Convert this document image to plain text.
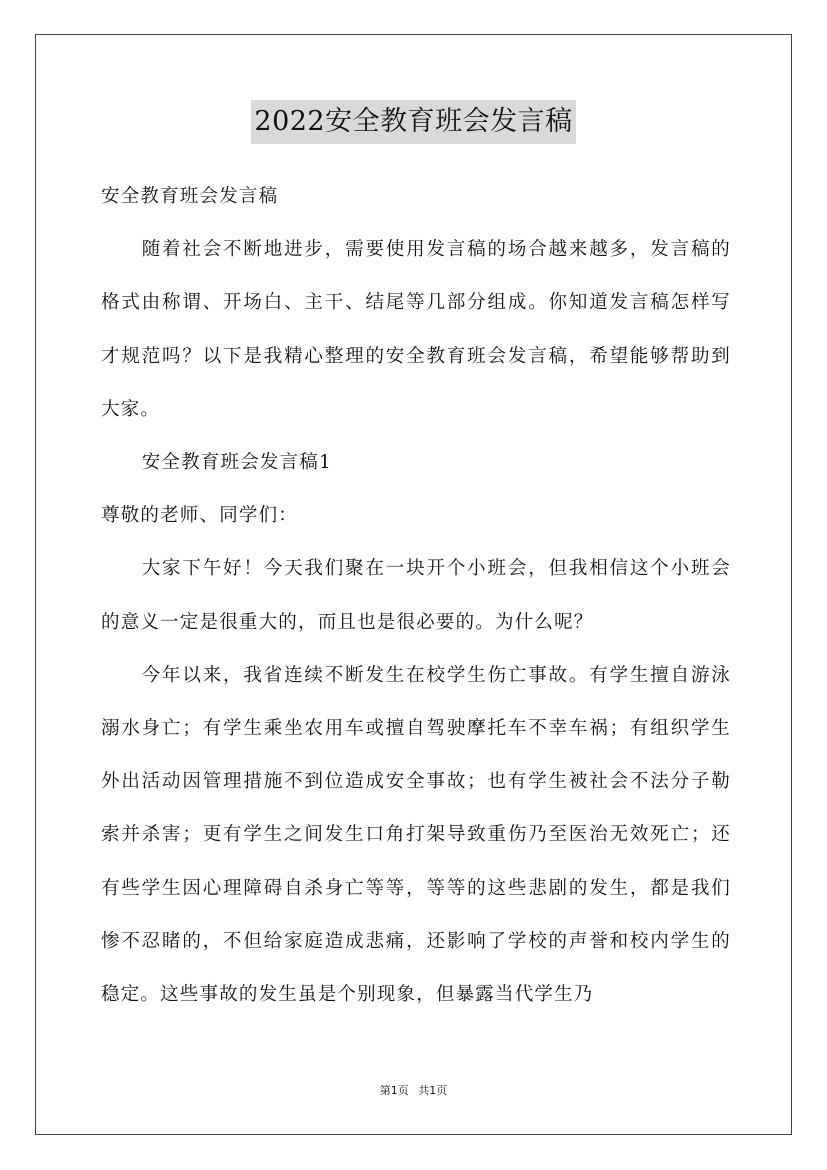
2022安全教育班会发言稿

安全教育班会发言稿

随着社会不断地进步，需要使用发言稿的场合越来越多，发言稿的格式由称谓、开场白、主干、结尾等几部分组成。你知道发言稿怎样写才规范吗？以下是我精心整理的安全教育班会发言稿，希望能够帮助到大家。

安全教育班会发言稿1

尊敬的老师、同学们：

大家下午好！今天我们聚在一块开个小班会，但我相信这个小班会的意义一定是很重大的，而且也是很必要的。为什么呢？

今年以来，我省连续不断发生在校学生伤亡事故。有学生擅自游泳溺水身亡；有学生乘坐农用车或擅自驾驶摩托车不幸车祸；有组织学生外出活动因管理措施不到位造成安全事故；也有学生被社会不法分子勒索并杀害；更有学生之间发生口角打架导致重伤乃至医治无效死亡；还有些学生因心理障碍自杀身亡等等，等等的这些悲剧的发生，都是我们惨不忍睹的，不但给家庭造成悲痛，还影响了学校的声誉和校内学生的稳定。这些事故的发生虽是个别现象，但暴露当代学生乃

第1页 共1页
